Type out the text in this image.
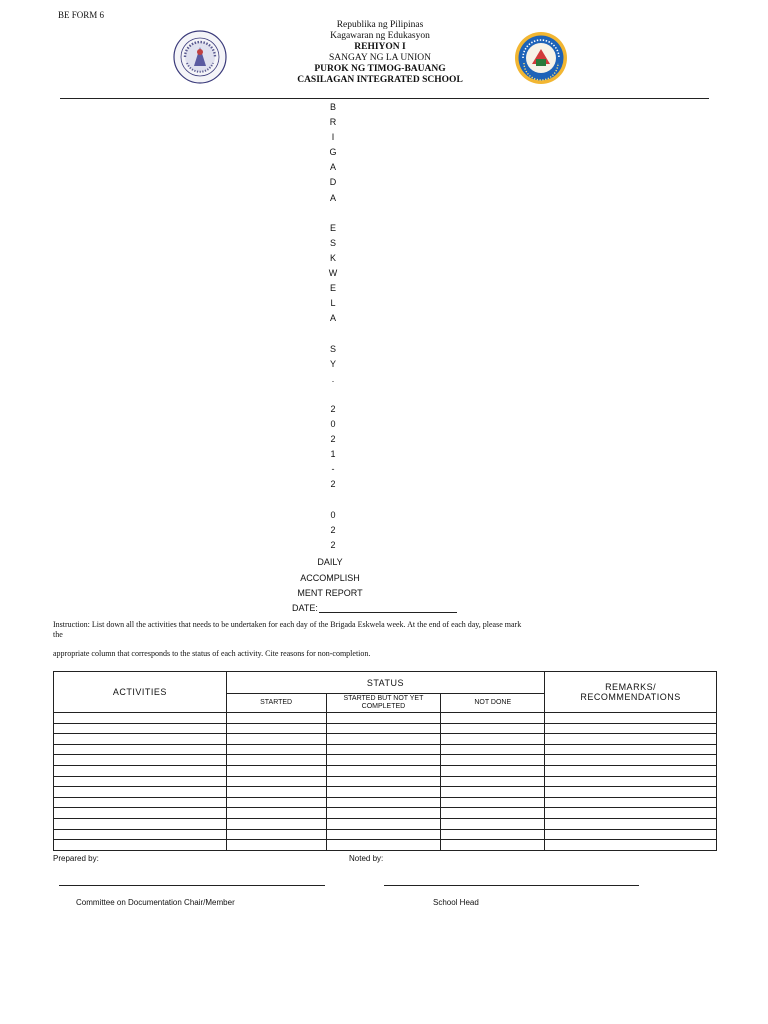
BE FORM 6
Republika ng Pilipinas
Kagawaran ng Edukasyon
REHIYON I
SANGAY NG LA UNION
PUROK NG TIMOG-BAUANG
CASILAGAN INTEGRATED SCHOOL
B
R
I
G
A
D
A
E
S
K
W
E
L
A
S
Y
.
2
0
2
1
-
2
0
2
2
DAILY
ACCOMPLISH
MENT REPORT
DATE:

Instruction: List down all the activities that needs to be undertaken for each day of the Brigada Eskwela week. At the end of each day, please mark

the

appropriate column that corresponds to the status of each activity. Cite reasons for non-completion.

ACTIVITIES	STATUS			REMARKS/
RECOMMENDATIONS

	STARTED	STARTED BUT NOT YET
COMPLETED	NOT DONE	

Prepared by:	Noted by:
Committee on Documentation Chair/Member	School Head
